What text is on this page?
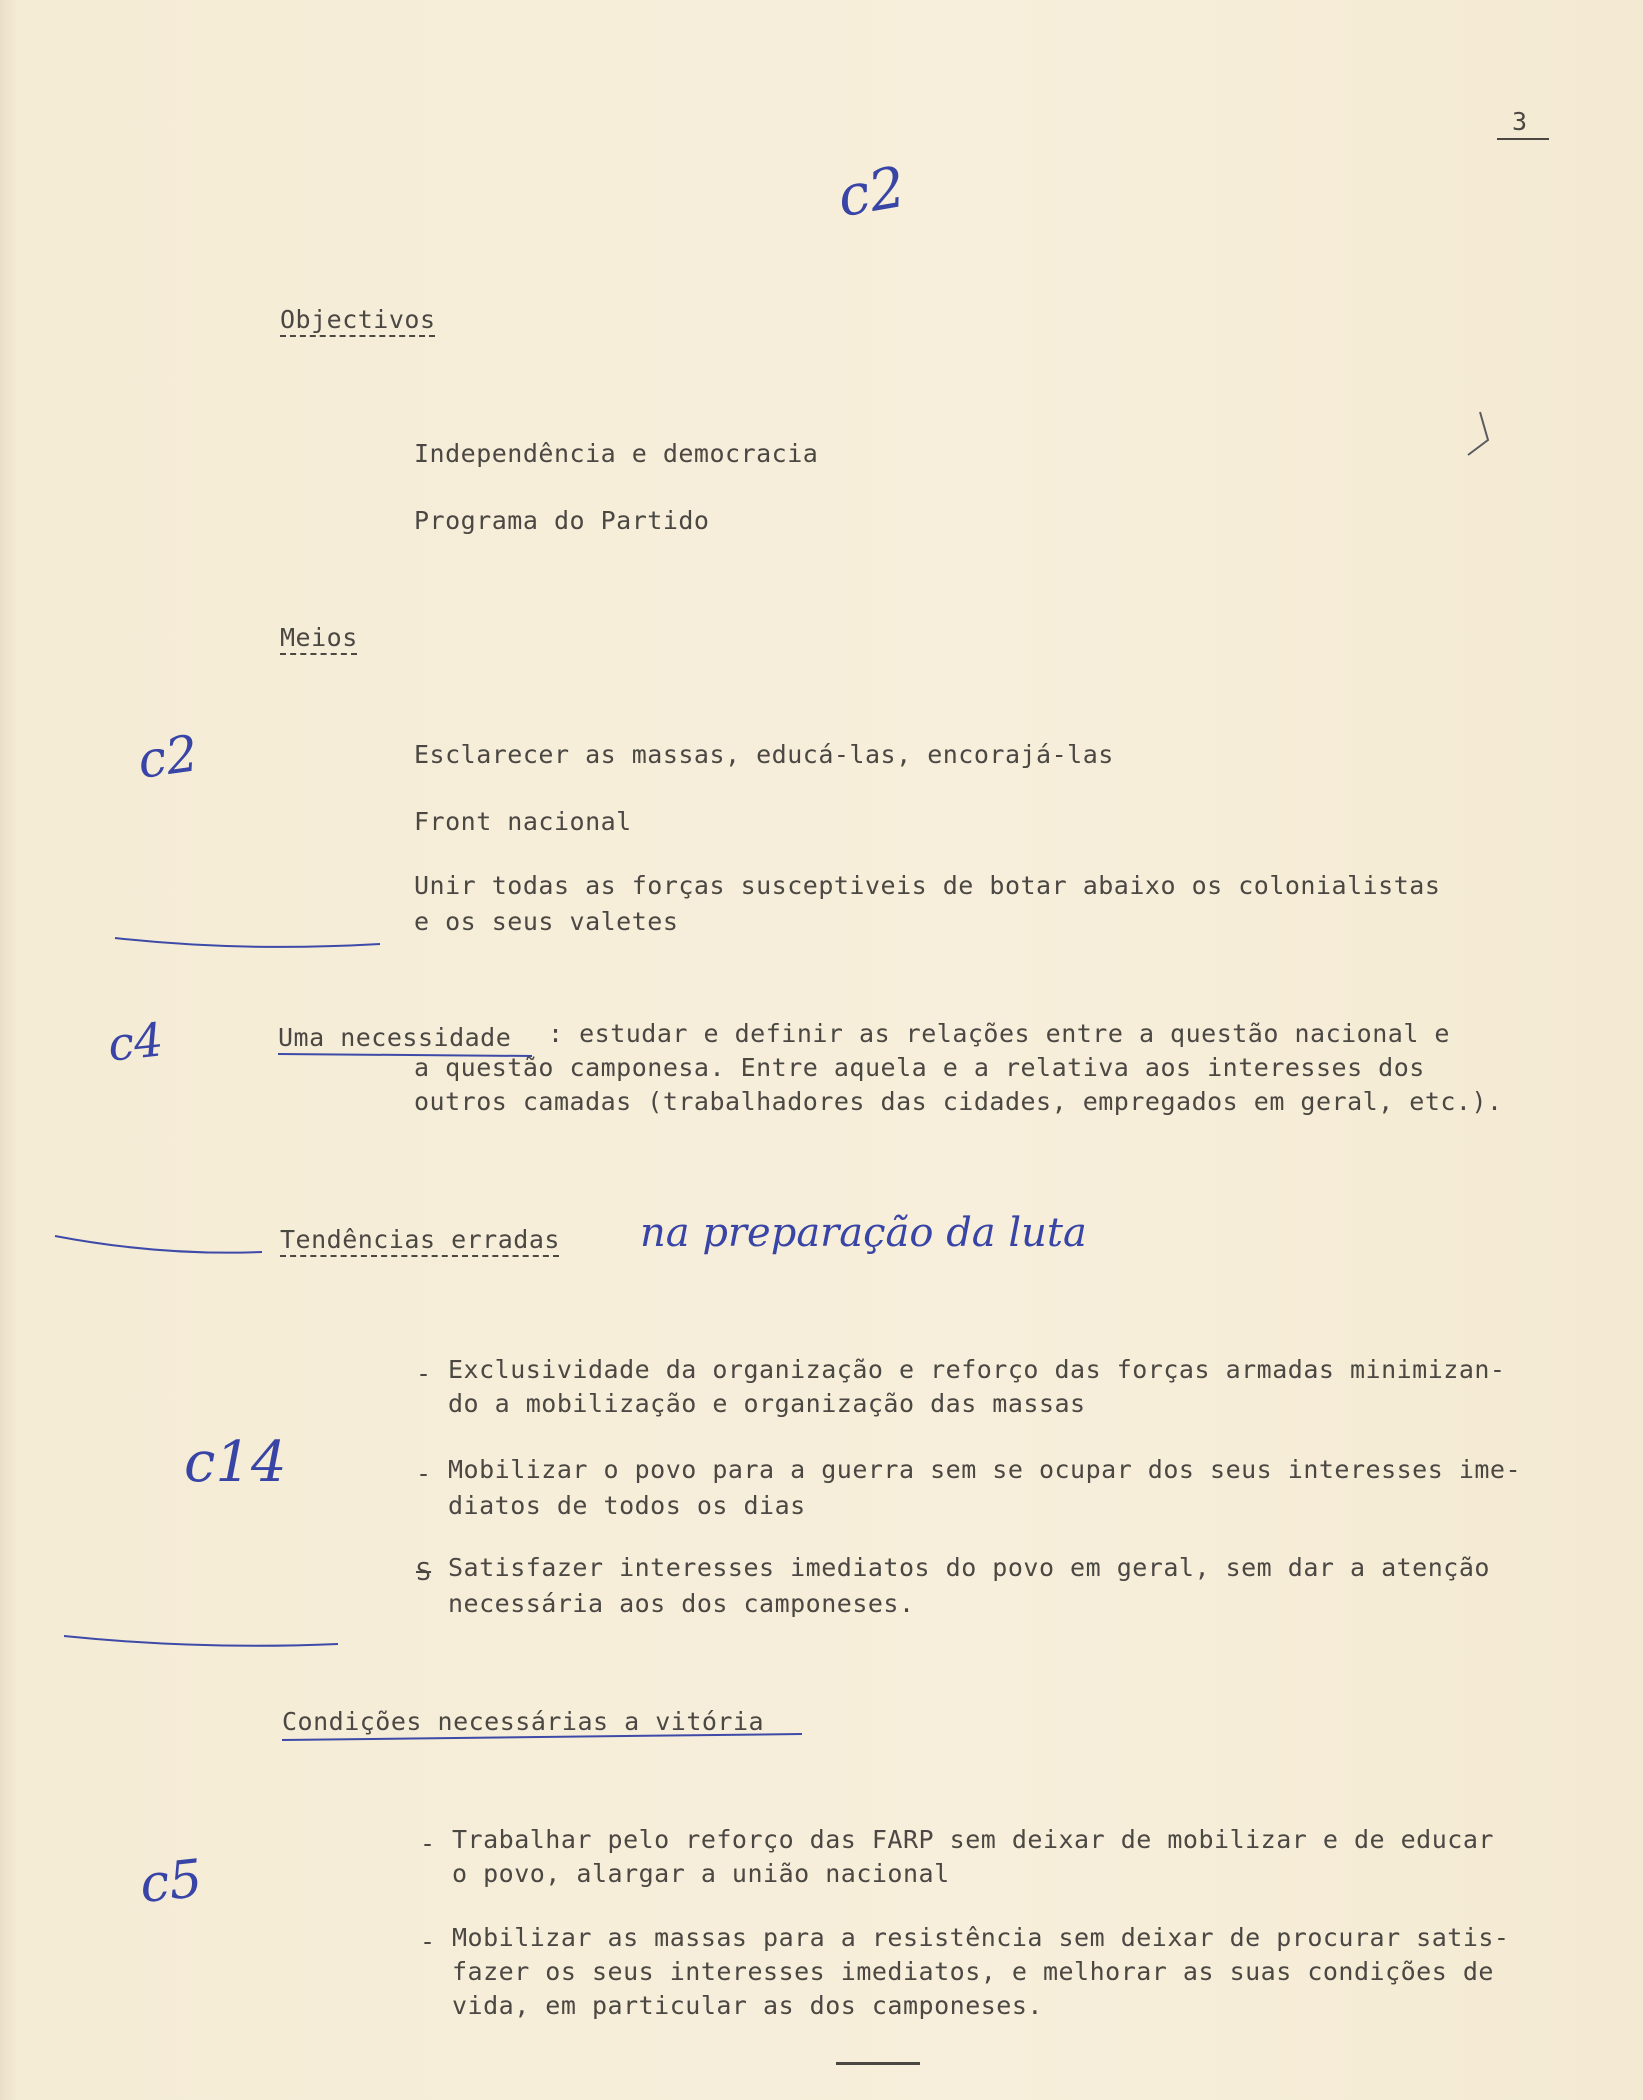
3
c2
c2
c4
c14
c5
Objectivos
Independência e democracia
Programa do Partido
Meios
Esclarecer as massas, educá-las, encorajá-las
Front nacional
Unir todas as forças susceptiveis de botar abaixo os colonialistas
e os seus valetes
Uma necessidade : estudar e definir as relações entre a questão nacional e
a questão camponesa. Entre aquela e a relativa aos interesses dos
outros camadas (trabalhadores das cidades, empregados em geral, etc.).
Tendências erradas na preparação da luta
- Exclusividade da organização e reforço das forças armadas minimizan-
do a mobilização e organização das massas
- Mobilizar o povo para a guerra sem se ocupar dos seus interesses ime-
diatos de todos os dias
S Satisfazer interesses imediatos do povo em geral, sem dar a atenção
necessária aos dos camponeses.
Condições necessárias a vitória
- Trabalhar pelo reforço das FARP sem deixar de mobilizar e de educar
o povo, alargar a união nacional
- Mobilizar as massas para a resistência sem deixar de procurar satis-
fazer os seus interesses imediatos, e melhorar as suas condições de
vida, em particular as dos camponeses.
